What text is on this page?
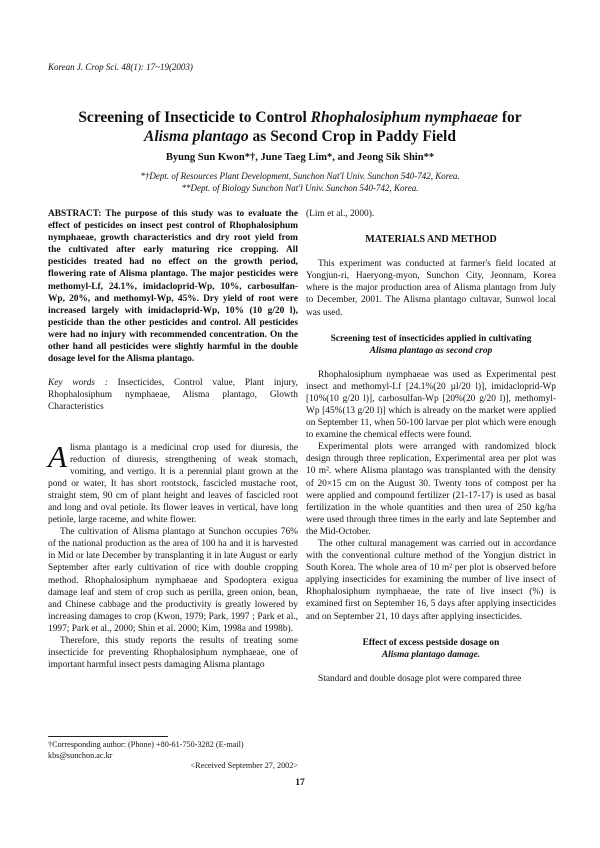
Korean J. Crop Sci. 48(1): 17~19(2003)
Screening of Insecticide to Control Rhophalosiphum nymphaeae for
Alisma plantago as Second Crop in Paddy Field
Byung Sun Kwon*†, June Taeg Lim*, and Jeong Sik Shin**
*†Dept. of Resources Plant Development, Sunchon Nat'l Univ. Sunchon 540-742, Korea.
**Dept. of Biology Sunchon Nat'l Univ. Sunchon 540-742, Korea.

ABSTRACT: The purpose of this study was to evaluate the effect of pesticides on insect pest control of Rhophalosiphum nymphaeae, growth characteristics and dry root yield from the cultivated after early maturing rice cropping. All pesticides treated had no effect on the growth period, flowering rate of Alisma plantago. The major pesticides were methomyl-Lf, 24.1%, imidacloprid-Wp, 10%, carbosulfan-Wp, 20%, and methomyl-Wp, 45%. Dry yield of root were increased largely with imidacloprid-Wp, 10% (10 g/20 l), pesticide than the other pesticides and control. All pesticides were had no injury with recommended concentration. On the other hand all pesticides were slightly harmful in the double dosage level for the Alisma plantago.

Key words : Insecticides, Control value, Plant injury, Rhophalosiphum nymphaeae, Alisma plantago, Glowth Characteristics

Alisma plantago is a medicinal crop used for diuresis, the reduction of diuresis, strengthening of weak stomach, vomiting, and vertigo. It is a perennial plant grown at the pond or water, It has short rootstock, fascicled mustache root, straight stem, 90 cm of plant height and leaves of fascicled root and long and oval petiole. Its flower leaves in vertical, have long petiole, large raceme, and white flower.

The cultivation of Alisma plantago at Sunchon occupies 76% of the national production as the area of 100 ha and it is harvested in Mid or late December by transplanting it in late August or early September after early cultivation of rice with double cropping method. Rhophalosiphum nymphaeae and Spodoptera exigua damage leaf and stem of crop such as perilla, green onion, bean, and Chinese cabbage and the productivity is greatly lowered by increasing damages to crop (Kwon, 1979; Park, 1997 ; Park et al., 1997; Park et al., 2000; Shin et al. 2000; Kim, 1998a and 1998b).

Therefore, this study reports the results of treating some insecticide for preventing Rhophalosiphum nymphaeae, one of important harmful insect pests damaging Alisma plantago

(Lim et al., 2000).

MATERIALS AND METHOD

This experiment was conducted at farmer's field located at Yongjun-ri, Haeryong-myon, Sunchon City, Jeonnam, Korea where is the major production area of Alisma plantago from July to December, 2001. The Alisma plantago cultavar, Sunwol local was used.

Screening test of insecticides applied in cultivating
Alisma plantago as second crop

Rhophalosiphum nymphaeae was used as Experimental pest insect and methomyl-Lf [24.1%(20 µl/20 l)], imidacloprid-Wp [10%(10 g/20 l)], carbosulfan-Wp [20%(20 g/20 l)], methomyl-Wp [45%(13 g/20 l)] which is already on the market were applied on September 11, when 50-100 larvae per plot which were enough to examine the chemical effects were found.

Experimental plots were arranged with randomized block design through three replication, Experimental area per plot was 10 m². where Alisma plantago was transplanted with the density of 20×15 cm on the August 30. Twenty tons of compost per ha were applied and compound fertilizer (21-17-17) is used as basal fertilization in the whole quantities and then urea of 250 kg/ha were used through three times in the early and late September and the Mid-October.

The other cultural management was carried out in accordance with the conventional culture method of the Yongjun district in South Korea. The whole area of 10 m² per plot is observed before applying insecticides for examining the number of live insect of Rhophalosiphum nymphaeae, the rate of live insect (%) is examined first on September 16, 5 days after applying insecticides and on September 21, 10 days after applying insecticides.

Effect of excess pestside dosage on
Alisma plantago damage.

Standard and double dosage plot were compared three

†Corresponding author: (Phone) +80-61-750-3282 (E-mail) kbs@sunchon.ac.kr
<Received September 27, 2002>
17
